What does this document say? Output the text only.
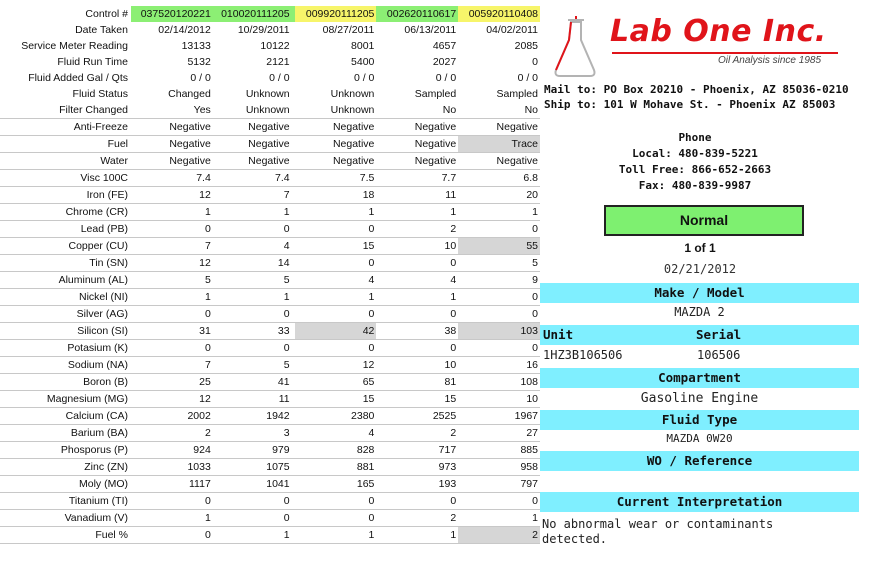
Control #	037520120221	010020111205	009920111205	002620110617	005920110408
Date Taken	02/14/2012	10/29/2011	08/27/2011	06/13/2011	04/02/2011
Service Meter Reading	13133	10122	8001	4657	2085
Fluid Run Time	5132	2121	5400	2027	0
Fluid Added Gal / Qts	0 / 0	0 / 0	0 / 0	0 / 0	0 / 0
Fluid Status	Changed	Unknown	Unknown	Sampled	Sampled
Filter Changed	Yes	Unknown	Unknown	No	No
Anti-Freeze	Negative	Negative	Negative	Negative	Negative
Fuel	Negative	Negative	Negative	Negative	Trace
Water	Negative	Negative	Negative	Negative	Negative
Visc 100C	7.4	7.4	7.5	7.7	6.8
Iron (FE)	12	7	18	11	20
Chrome (CR)	1	1	1	1	1
Lead (PB)	0	0	0	2	0
Copper (CU)	7	4	15	10	55
Tin (SN)	12	14	0	0	5
Aluminum (AL)	5	5	4	4	9
Nickel (NI)	1	1	1	1	0
Silver (AG)	0	0	0	0	0
Silicon (SI)	31	33	42	38	103
Potasium (K)	0	0	0	0	0
Sodium (NA)	7	5	12	10	16
Boron (B)	25	41	65	81	108
Magnesium (MG)	12	11	15	15	10
Calcium (CA)	2002	1942	2380	2525	1967
Barium (BA)	2	3	4	2	27
Phosporus (P)	924	979	828	717	885
Zinc (ZN)	1033	1075	881	973	958
Moly (MO)	1117	1041	165	193	797
Titanium (TI)	0	0	0	0	0
Vanadium (V)	1	0	0	2	1
Fuel %	0	1	1	1	2
Lab One Inc.
Oil Analysis since 1985
Mail to: PO Box 20210 - Phoenix, AZ 85036-0210
Ship to: 101 W Mohave St. - Phoenix AZ 85003
Phone
Local: 480-839-5221
Toll Free: 866-652-2663
Fax: 480-839-9987
Normal
1 of 1
02/21/2012
Make / Model
MAZDA 2
Unit	Serial
1HZ3B106506	106506
Compartment
Gasoline Engine
Fluid Type
MAZDA 0W20
WO / Reference
Current Interpretation
No abnormal wear or contaminants
detected.
